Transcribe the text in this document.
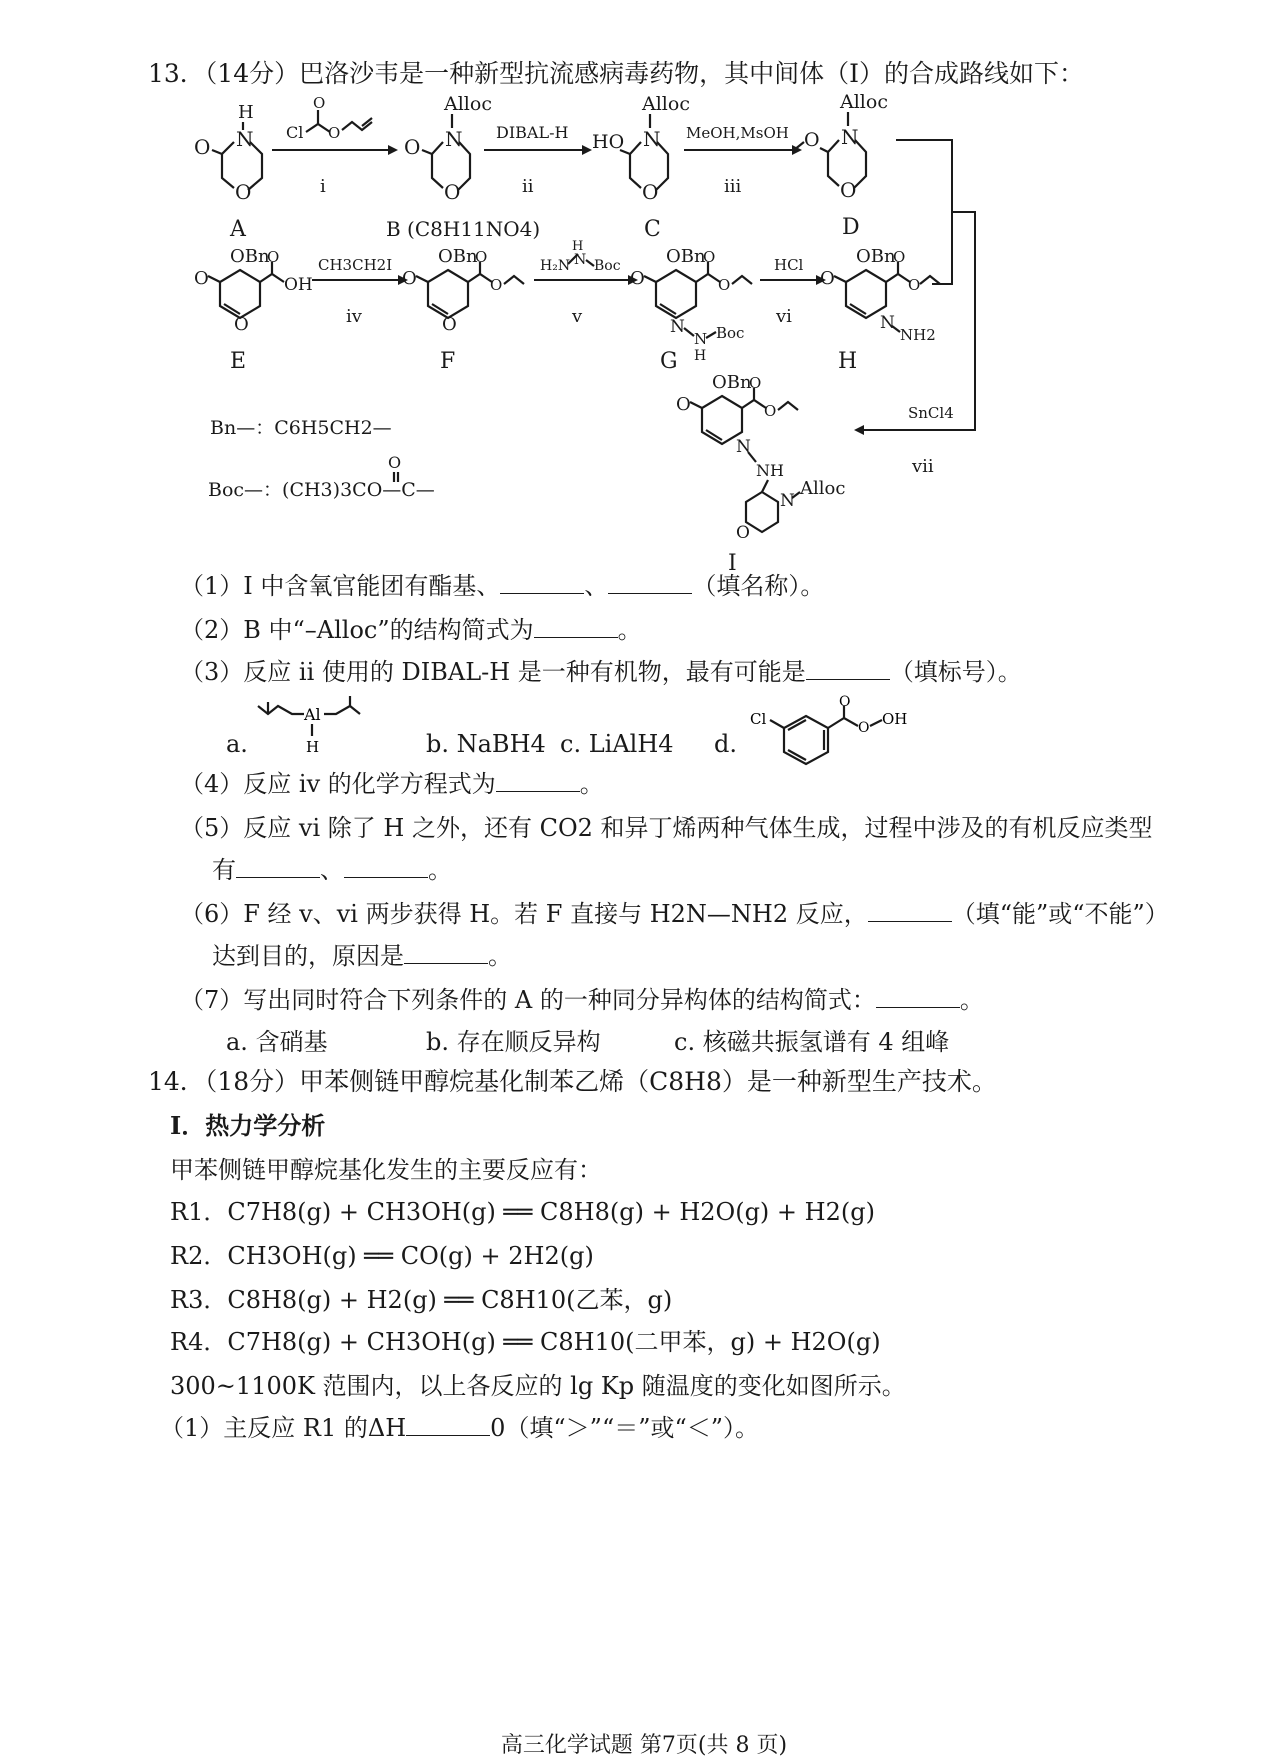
13．（14分）巴洛沙韦是一种新型抗流感病毒药物，其中间体（I）的合成路线如下：
H
N
O
O
A
i
Cl
O
O
Alloc
N
O
O
B (C8H11NO4)
DIBAL-H
ii
Alloc
N
O
HO
C
MeOH,MsOH
iii
Alloc
N
O
O
D
SnCl4
vii
OBn
O
O
O
OH
E
CH3CH2I
iv
OBn
O
O
O
O
F
H₂N
H
N Boc
v
OBn
O
N
O
O
N
H
Boc
G
HCl
vi
OBn
O
N
O
O
NH2
H
Bn—：C6H5CH2—
O
Boc—：(CH3)3CO—C—
OBn
O
N
O
O
NH
N
Alloc
O
I
（1）I 中含氧官能团有酯基、	、	（填名称）。
（2）B 中“–Alloc”的结构简式为	。
（3）反应 ii 使用的 DIBAL-H 是一种有机物，最有可能是	（填标号）。
a.
Al
H	b. NaBH4 c. LiAlH4 d.
Cl
O
O OH
（4）反应 iv 的化学方程式为	。
（5）反应 vi 除了 H 之外，还有 CO2 和异丁烯两种气体生成，过程中涉及的有机反应类型
有	、	。
（6）F 经 v、vi 两步获得 H。若 F 直接与 H2N—NH2 反应，	（填“能”或“不能”）
达到目的，原因是	。
（7）写出同时符合下列条件的 A 的一种同分异构体的结构简式：	。
a. 含硝基	b. 存在顺反异构	c. 核磁共振氢谱有 4 组峰
14．（18分）甲苯侧链甲醇烷基化制苯乙烯（C8H8）是一种新型生产技术。
I．热力学分析
甲苯侧链甲醇烷基化发生的主要反应有：
R1．C7H8(g) + CH3OH(g) ══ C8H8(g) + H2O(g) + H2(g)
R2．CH3OH(g) ══ CO(g) + 2H2(g)
R3．C8H8(g) + H2(g) ══ C8H10(乙苯，g)
R4．C7H8(g) + CH3OH(g) ══ C8H10(二甲苯，g) + H2O(g)
300~1100K 范围内，以上各反应的 lg Kp 随温度的变化如图所示。
（1）主反应 R1 的ΔH	0（填“＞”“＝”或“＜”）。
高三化学试题 第7页(共 8 页)
